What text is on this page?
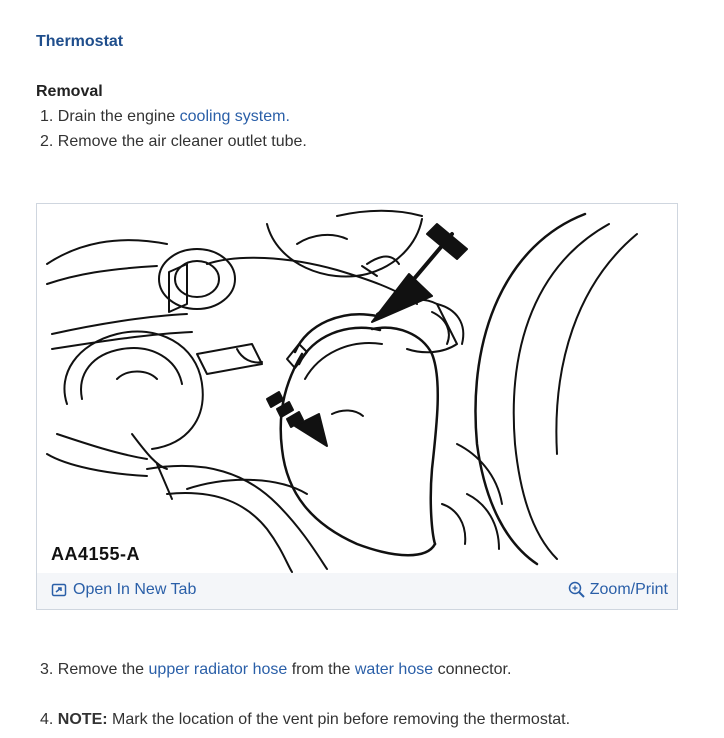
Thermostat
Removal
1. Drain the engine cooling system.
2. Remove the air cleaner outlet tube.
AA4155-A
Open In New Tab	Zoom/Print
3. Remove the upper radiator hose from the water hose connector.
4. NOTE: Mark the location of the vent pin before removing the thermostat.
